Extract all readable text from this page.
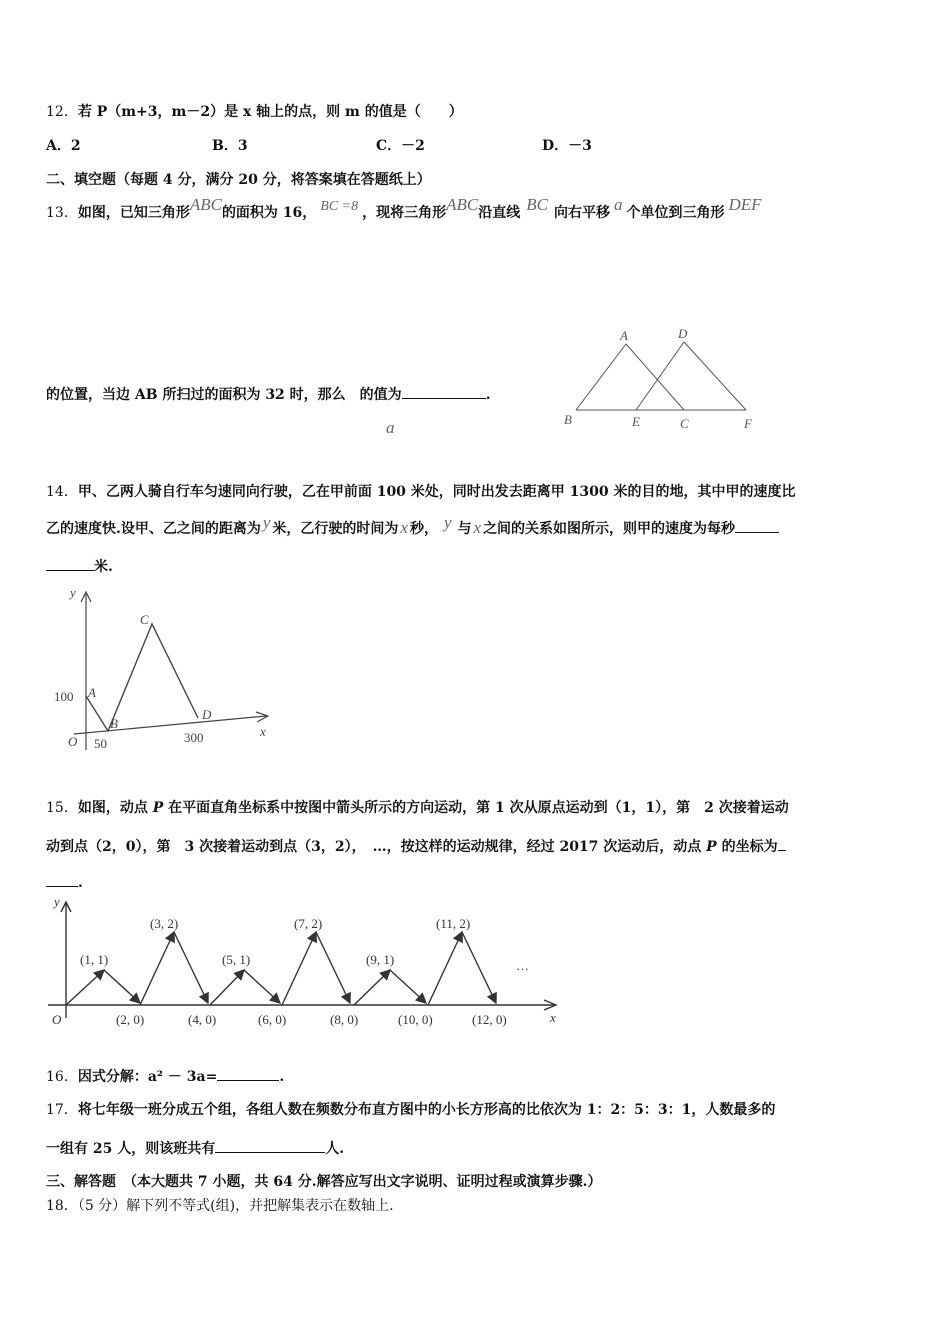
12．若 P（m+3，m－2）是 x 轴上的点，则 m 的值是（　　）
A．2	B．3	C．－2	D．－3
二、填空题（每题 4 分，满分 20 分，将答案填在答题纸上）
13．如图，已知三角形ABC的面积为 16， BC =8 ，现将三角形ABC沿直线 BC 向右平移 a 个单位到三角形 DEF
的位置，当边 AB 所扫过的面积为 32 时，那么　的值为	.
a
A	D
B	E	C	F
14．甲、乙两人骑自行车匀速同向行驶，乙在甲前面 100 米处，同时出发去距离甲 1300 米的目的地，其中甲的速度比
乙的速度快.设甲、乙之间的距离为 y 米，乙行驶的时间为 x 秒， y 与 x 之间的关系如图所示，则甲的速度为每秒
米.
y
x
O
100 A
B
C
D
50	300
15．如图，动点 P 在平面直角坐标系中按图中箭头所示的方向运动，第 1 次从原点运动到（1，1），第　2 次接着运动
动到点（2，0），第　3 次接着运动到点（3，2），　…，按这样的运动规律，经过 2017 次运动后，动点 P 的坐标为
.
y
x
O
(1, 1)
(3, 2)
(5, 1)
(7, 2)
(9, 1)
(11, 2)
…
(2, 0)	(4, 0)	(6, 0)	(8, 0)	(10, 0)	(12, 0)
16．因式分解：a² － 3a=	.
17．将七年级一班分成五个组，各组人数在频数分布直方图中的小长方形高的比依次为 1：2：5：3：1，人数最多的
一组有 25 人，则该班共有	人.
三、解答题　（本大题共 7 小题，共 64 分.解答应写出文字说明、证明过程或演算步骤.）
18．（5 分）解下列不等式(组)，并把解集表示在数轴上.
